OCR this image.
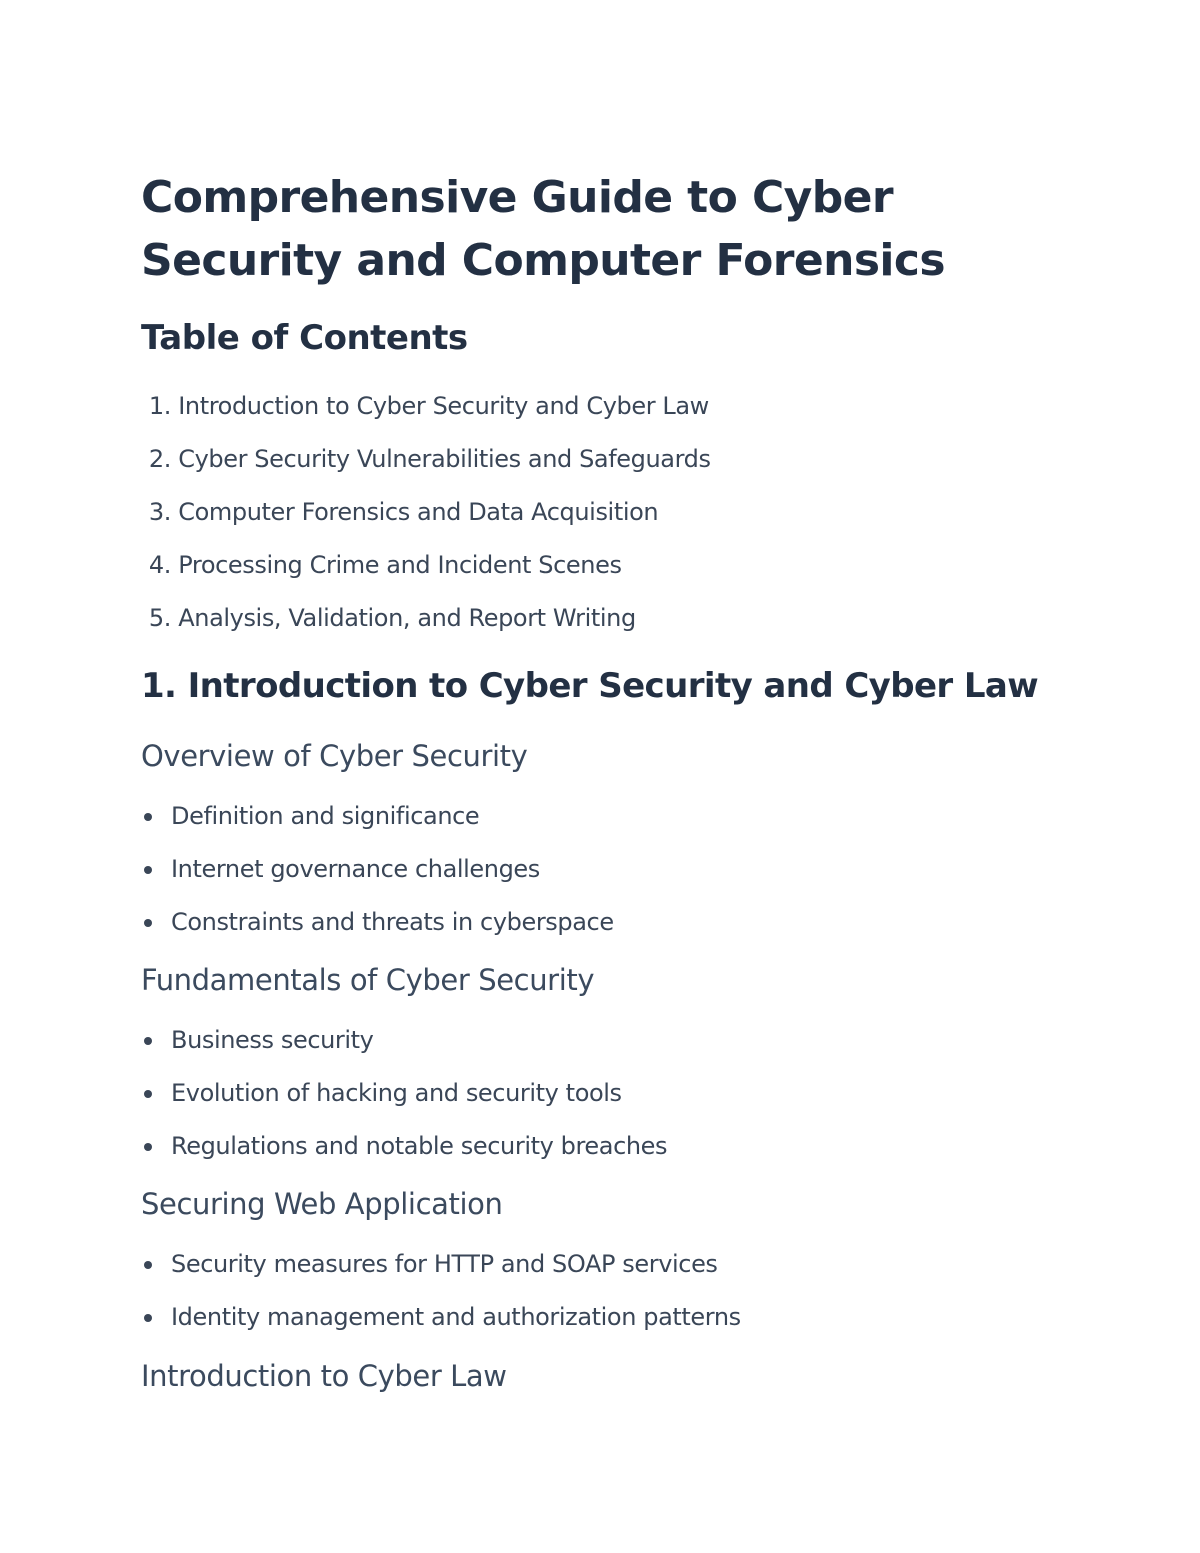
Comprehensive Guide to Cyber Security and Computer Forensics
Table of Contents
1. Introduction to Cyber Security and Cyber Law
2. Cyber Security Vulnerabilities and Safeguards
3. Computer Forensics and Data Acquisition
4. Processing Crime and Incident Scenes
5. Analysis, Validation, and Report Writing
1. Introduction to Cyber Security and Cyber Law
Overview of Cyber Security
Definition and significance
Internet governance challenges
Constraints and threats in cyberspace
Fundamentals of Cyber Security
Business security
Evolution of hacking and security tools
Regulations and notable security breaches
Securing Web Application
Security measures for HTTP and SOAP services
Identity management and authorization patterns
Introduction to Cyber Law
